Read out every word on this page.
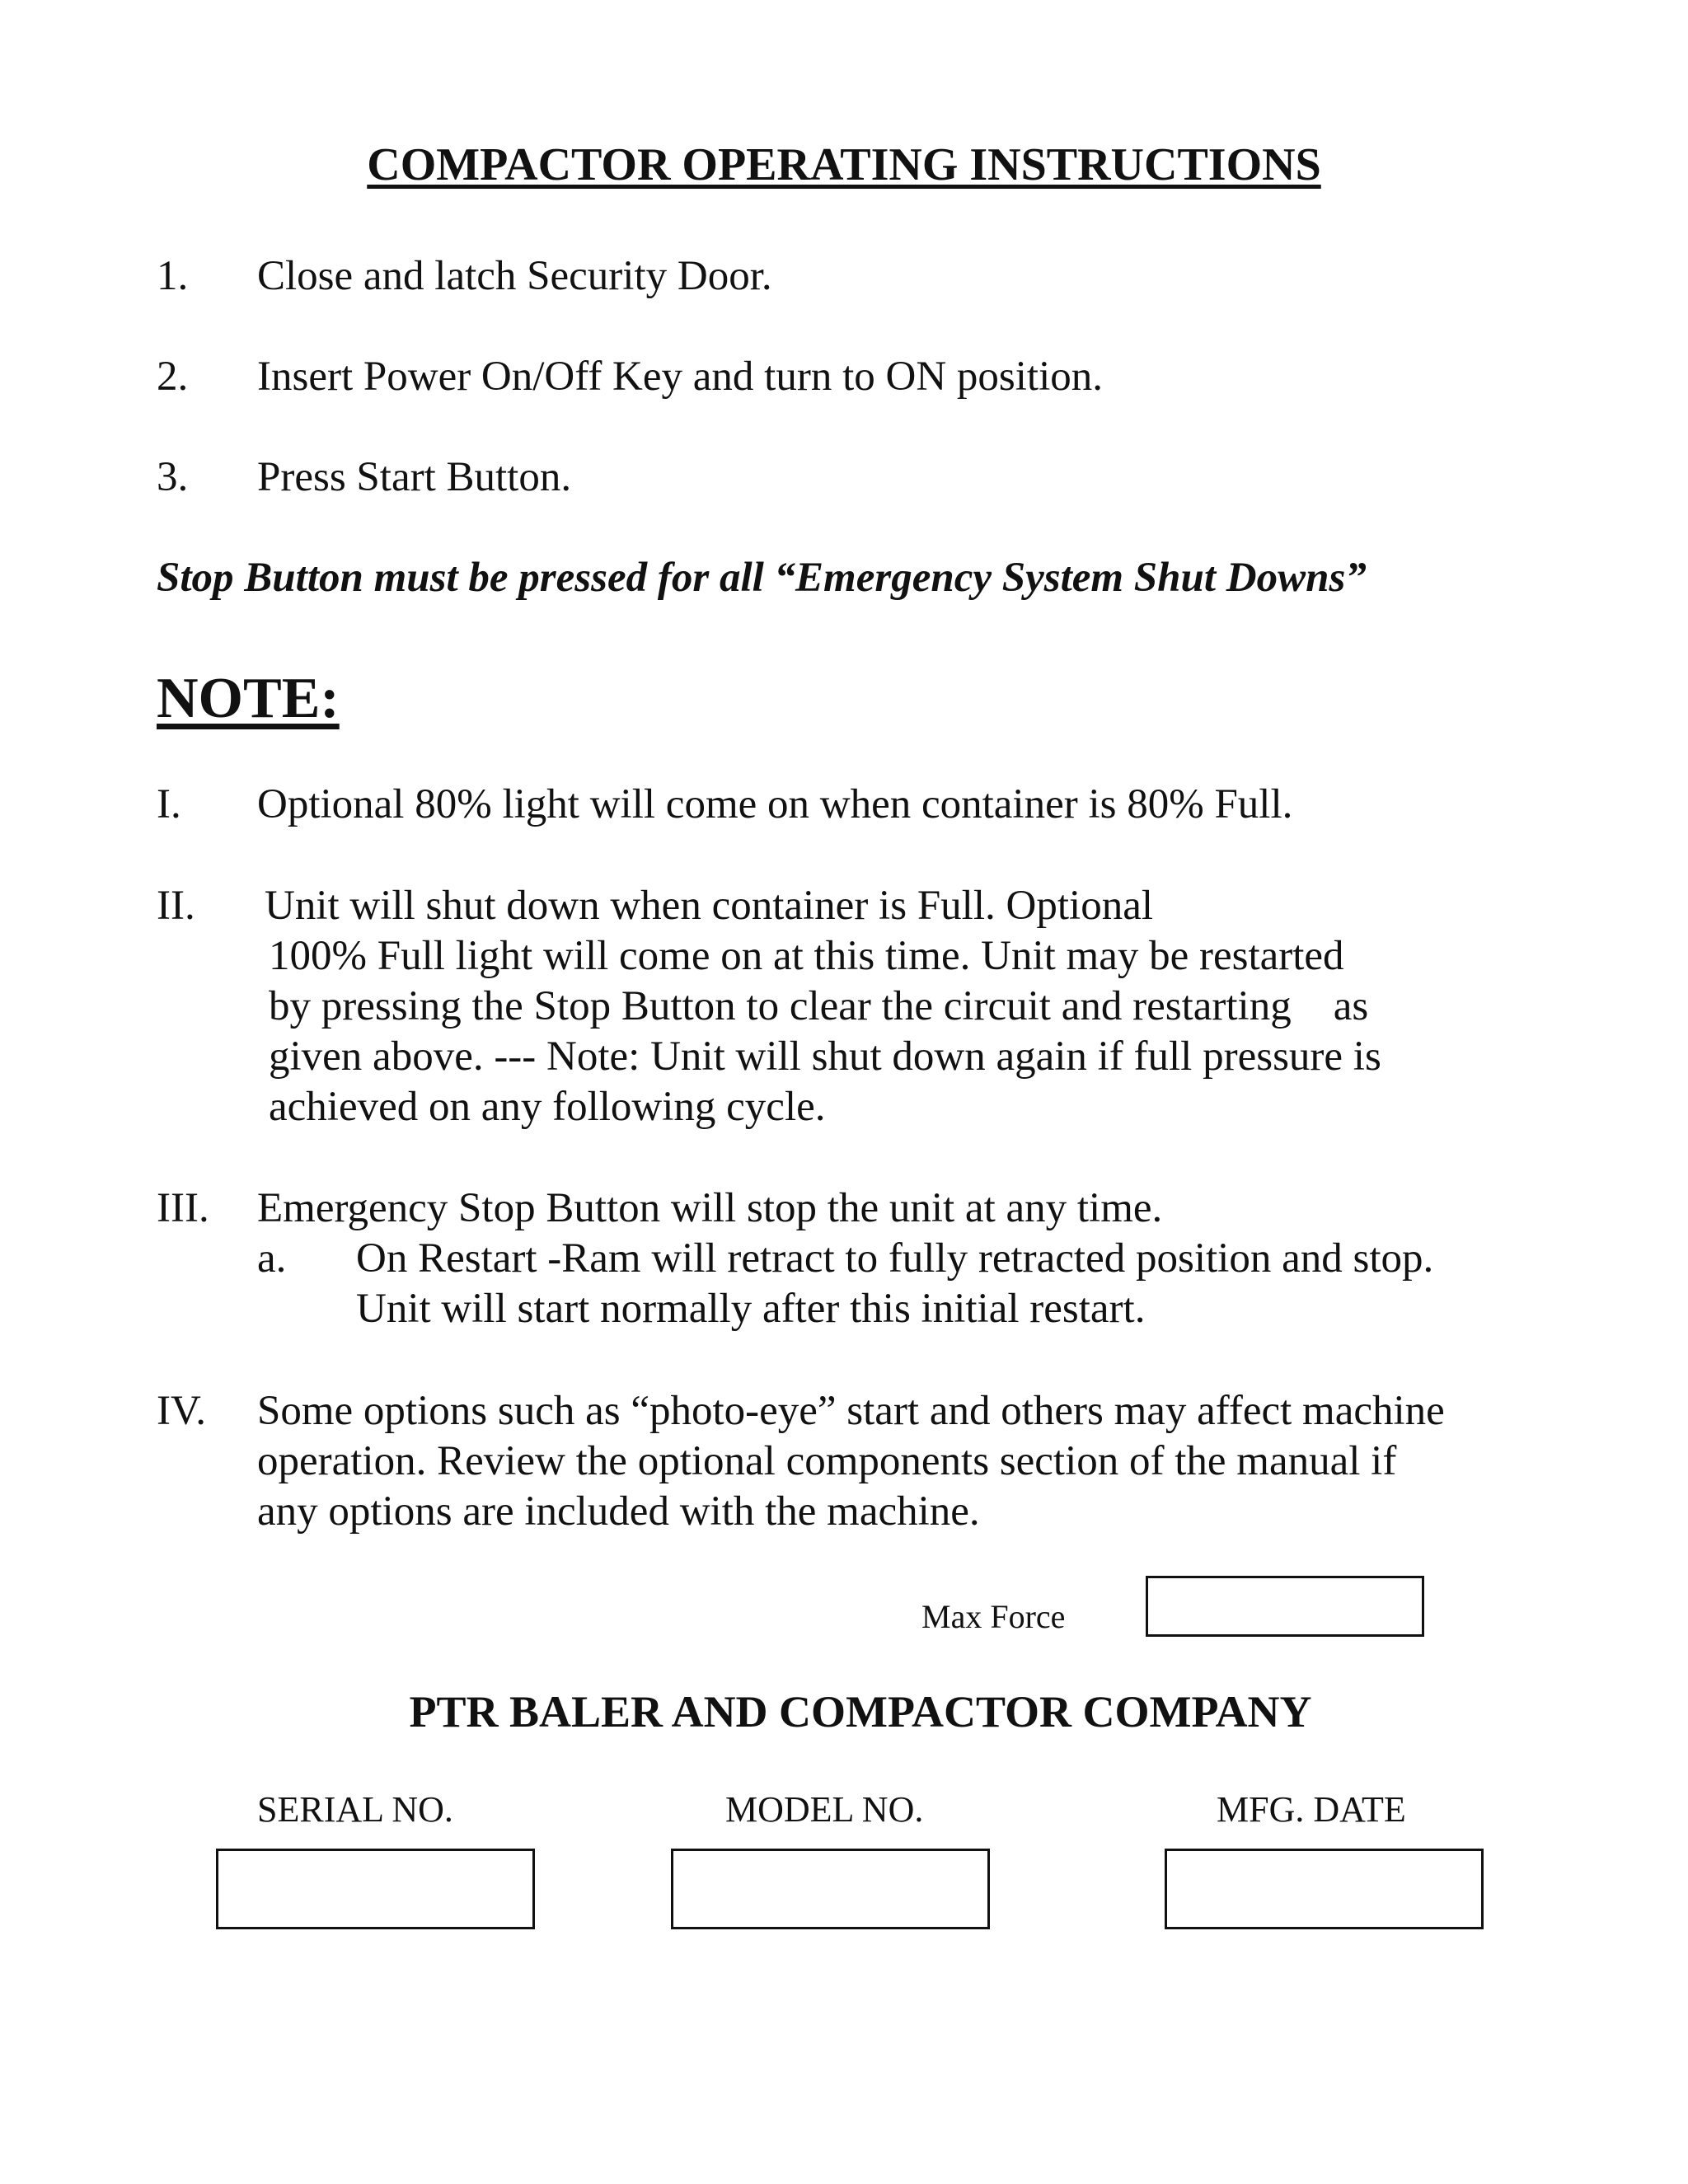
COMPACTOR OPERATING INSTRUCTIONS
1. Close and latch Security Door.
2. Insert Power On/Off Key and turn to ON position.
3. Press Start Button.
Stop Button must be pressed for all “Emergency System Shut Downs”
NOTE:
I. Optional 80% light will come on when container is 80% Full.
II. Unit will shut down when container is Full. Optional
100% Full light will come on at this time. Unit may be restarted
by pressing the Stop Button to clear the circuit and restarting    as
given above. --- Note: Unit will shut down again if full pressure is
achieved on any following cycle.
III. Emergency Stop Button will stop the unit at any time.
a. On Restart -Ram will retract to fully retracted position and stop.
Unit will start normally after this initial restart.
IV. Some options such as “photo-eye” start and others may affect machine
operation. Review the optional components section of the manual if
any options are included with the machine.
Max Force
PTR BALER AND COMPACTOR COMPANY
SERIAL NO.	MODEL NO.	MFG. DATE
